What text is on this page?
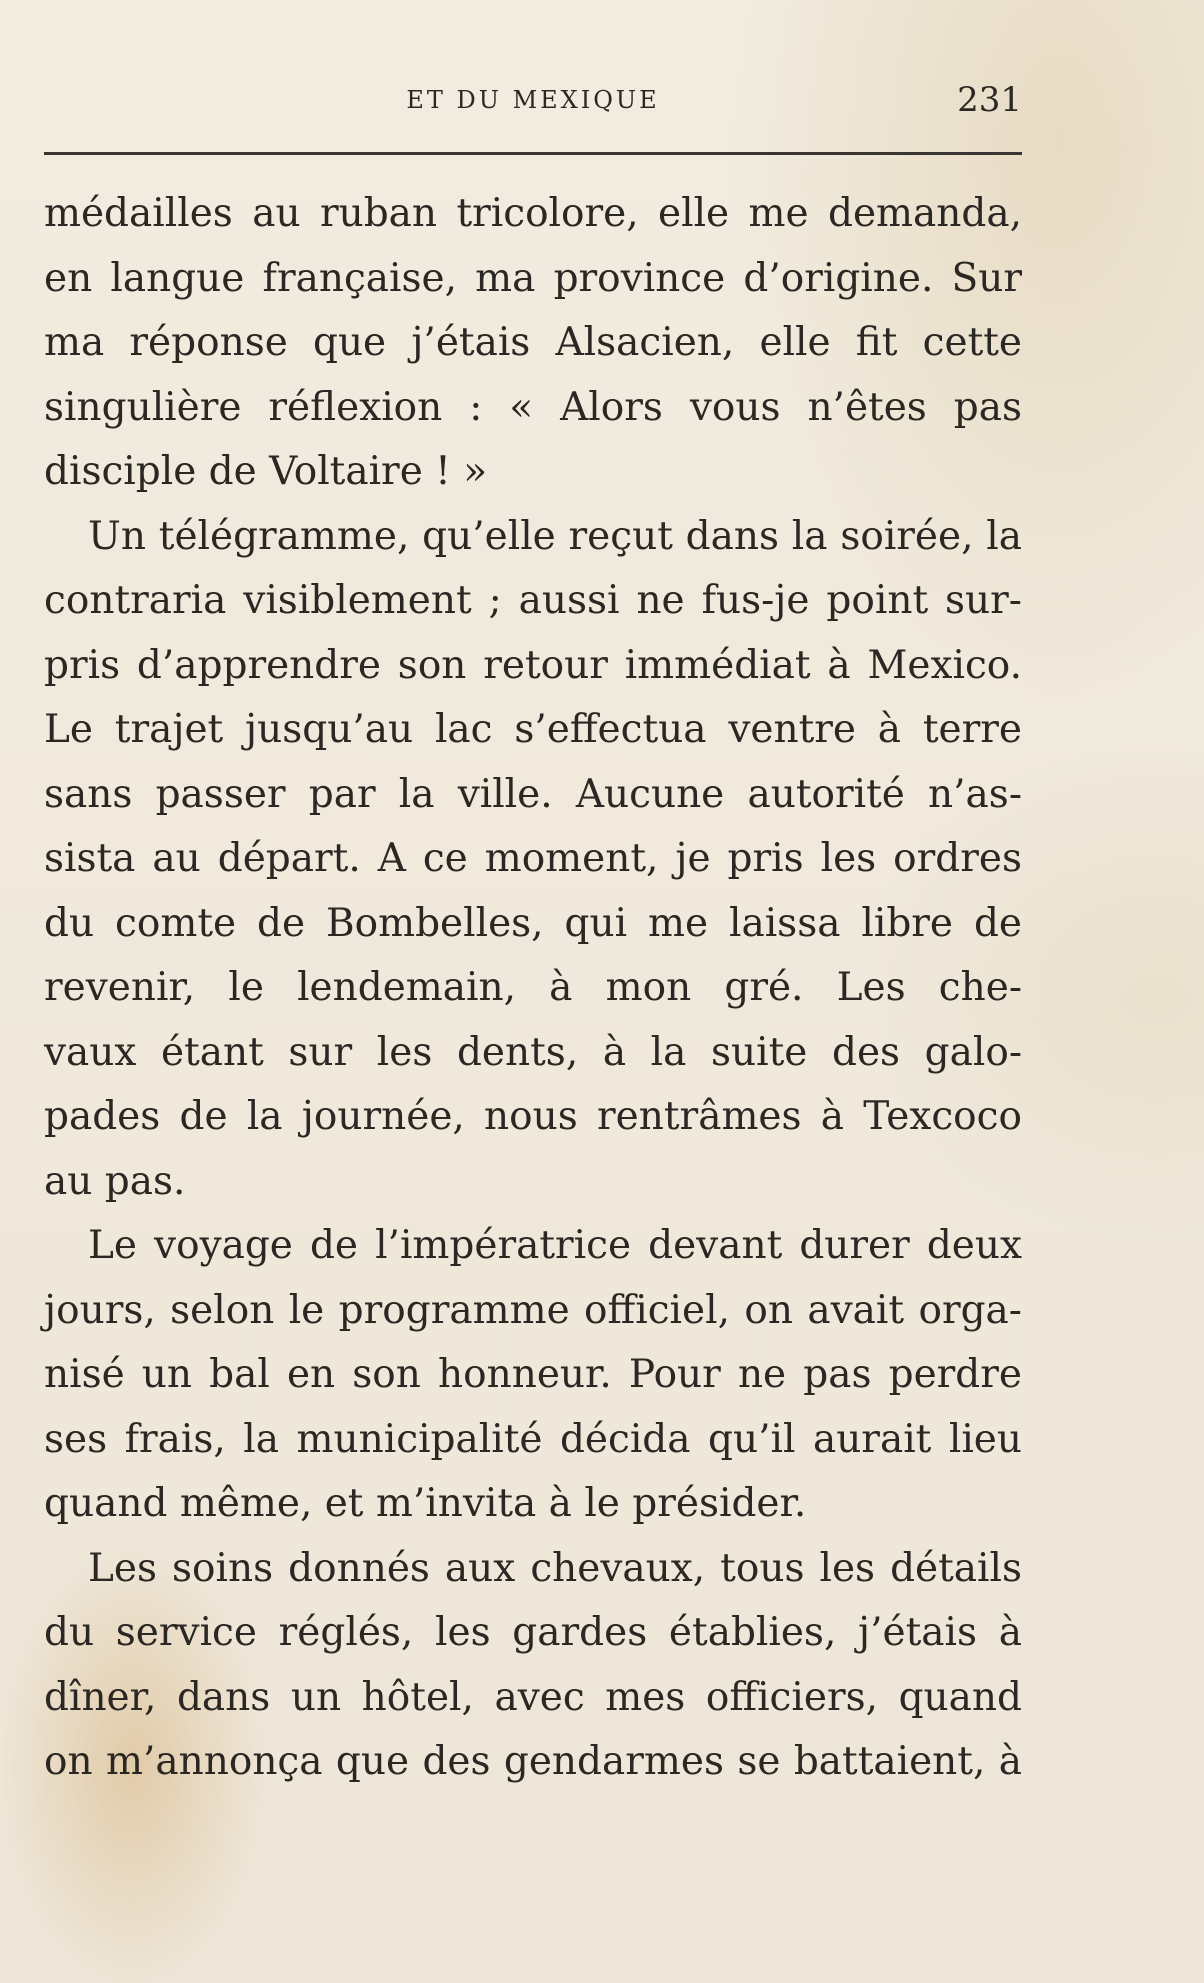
ET DU MEXIQUE	231
médailles au ruban tricolore, elle me demanda,
en langue française, ma province d’origine. Sur
ma réponse que j’étais Alsacien, elle fit cette
singulière réflexion : « Alors vous n’êtes pas
disciple de Voltaire ! »
Un télégramme, qu’elle reçut dans la soirée, la
contraria visiblement ; aussi ne fus-je point sur-
pris d’apprendre son retour immédiat à Mexico.
Le trajet jusqu’au lac s’effectua ventre à terre
sans passer par la ville. Aucune autorité n’as-
sista au départ. A ce moment, je pris les ordres
du comte de Bombelles, qui me laissa libre de
revenir, le lendemain, à mon gré. Les che-
vaux étant sur les dents, à la suite des galo-
pades de la journée, nous rentrâmes à Texcoco
au pas.
Le voyage de l’impératrice devant durer deux
jours, selon le programme officiel, on avait orga-
nisé un bal en son honneur. Pour ne pas perdre
ses frais, la municipalité décida qu’il aurait lieu
quand même, et m’invita à le présider.
Les soins donnés aux chevaux, tous les détails
du service réglés, les gardes établies, j’étais à
dîner, dans un hôtel, avec mes officiers, quand
on m’annonça que des gendarmes se battaient, à
